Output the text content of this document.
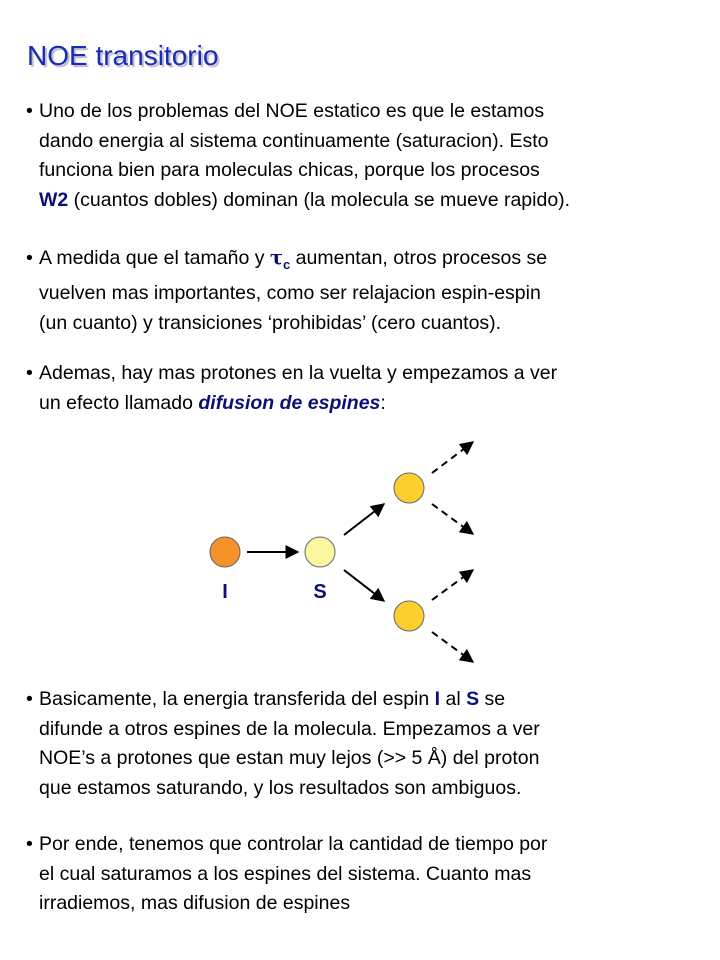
NOE transitorio
• Uno de los problemas del NOE estatico es que le estamos
dando energia al sistema continuamente (saturacion). Esto
funciona bien para moleculas chicas, porque los procesos
W2 (cuantos dobles) dominan (la molecula se mueve rapido).
• A medida que el tamaño y $\tau_c$ aumentan, otros procesos se
vuelven mas importantes, como ser relajacion espin-espin
(un cuanto) y transiciones ‘prohibidas’ (cero cuantos).
• Ademas, hay mas protones en la vuelta y empezamos a ver
un efecto llamado difusion de espines:
I	S
• Basicamente, la energia transferida del espin I al S se
difunde a otros espines de la molecula. Empezamos a ver
NOE’s a protones que estan muy lejos (>> 5 Å) del proton
que estamos saturando, y los resultados son ambiguos.
• Por ende, tenemos que controlar la cantidad de tiempo por
el cual saturamos a los espines del sistema. Cuanto mas
irradiemos, mas difusion de espines
